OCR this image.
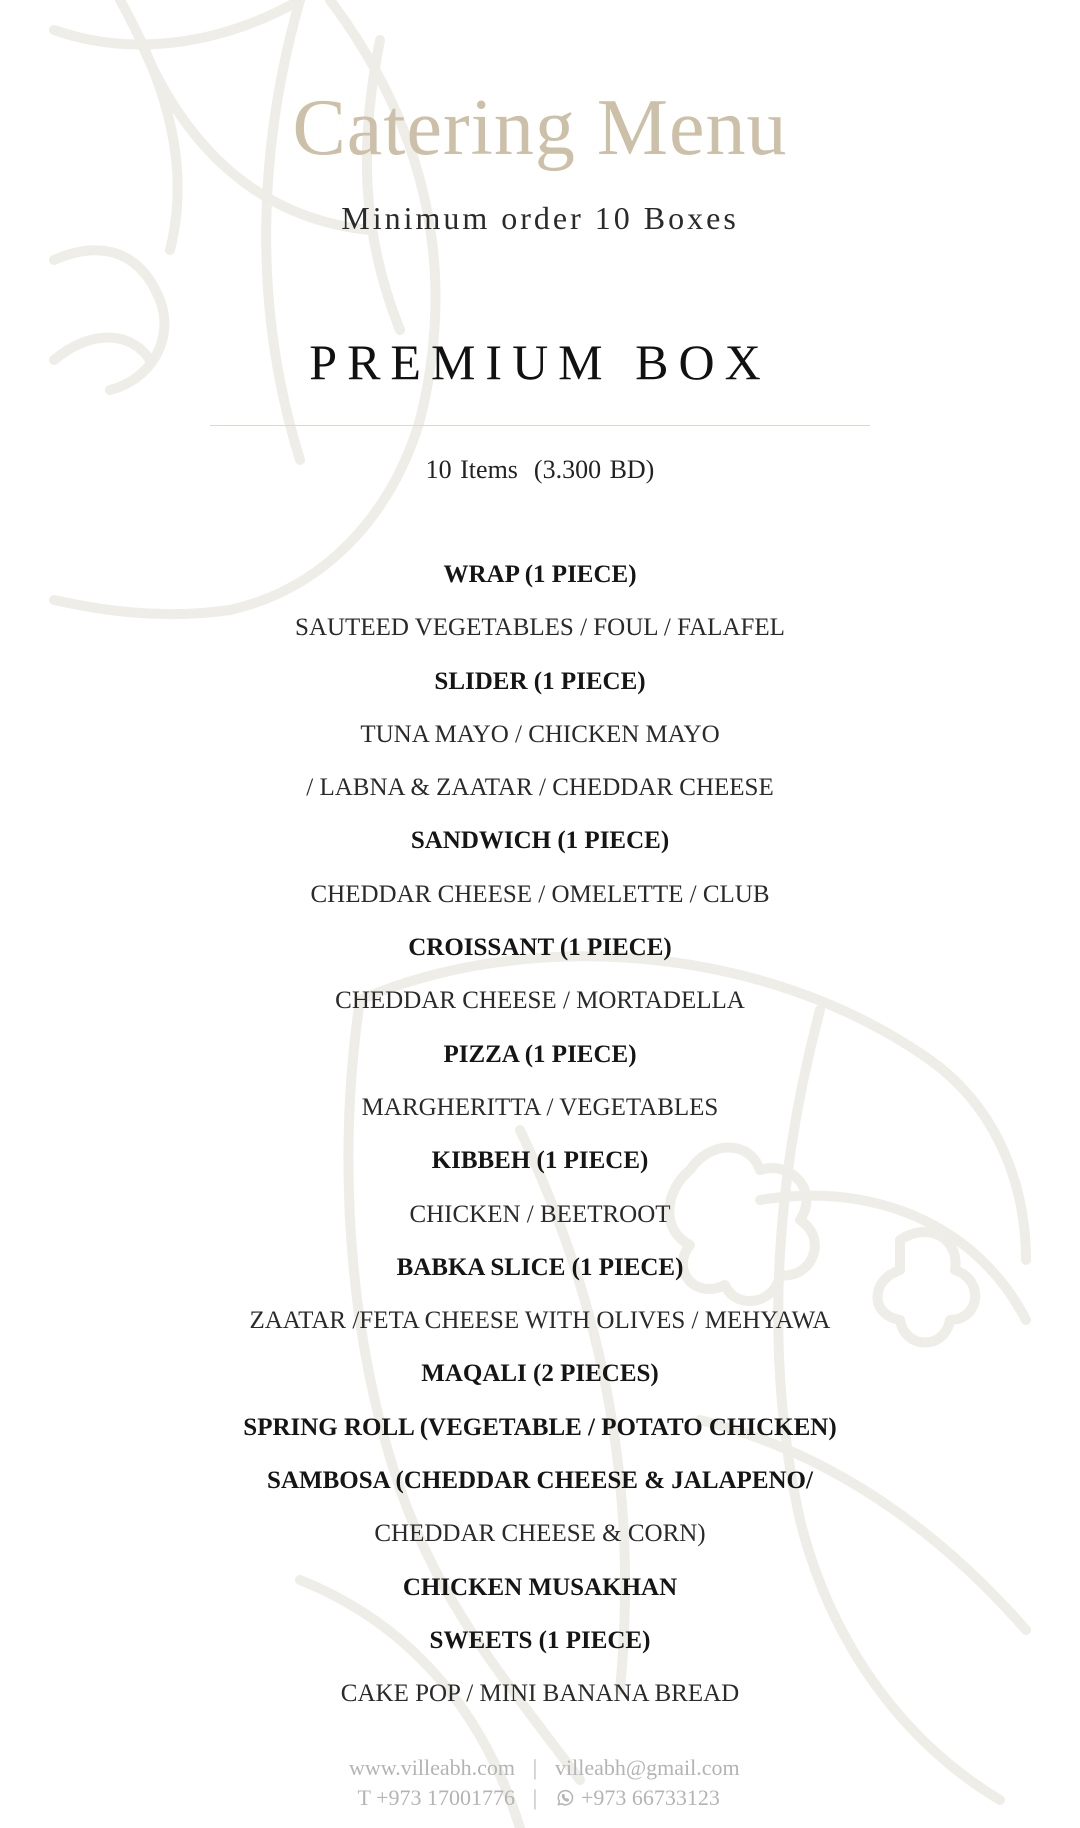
Catering Menu
Minimum order 10 Boxes
PREMIUM BOX
10 Items (3.300 BD)
WRAP (1 PIECE)
SAUTEED VEGETABLES / FOUL / FALAFEL
SLIDER (1 PIECE)
TUNA MAYO / CHICKEN MAYO
/ LABNA & ZAATAR / CHEDDAR CHEESE
SANDWICH (1 PIECE)
CHEDDAR CHEESE / OMELETTE / CLUB
CROISSANT (1 PIECE)
CHEDDAR CHEESE / MORTADELLA
PIZZA (1 PIECE)
MARGHERITTA / VEGETABLES
KIBBEH (1 PIECE)
CHICKEN / BEETROOT
BABKA SLICE (1 PIECE)
ZAATAR /FETA CHEESE WITH OLIVES / MEHYAWA
MAQALI (2 PIECES)
SPRING ROLL (VEGETABLE / POTATO CHICKEN)
SAMBOSA (CHEDDAR CHEESE & JALAPENO/
CHEDDAR CHEESE & CORN)
CHICKEN MUSAKHAN
SWEETS (1 PIECE)
CAKE POP / MINI BANANA BREAD
www.villeabh.com | villeabh@gmail.com
T +973 17001776 |	+973 66733123
